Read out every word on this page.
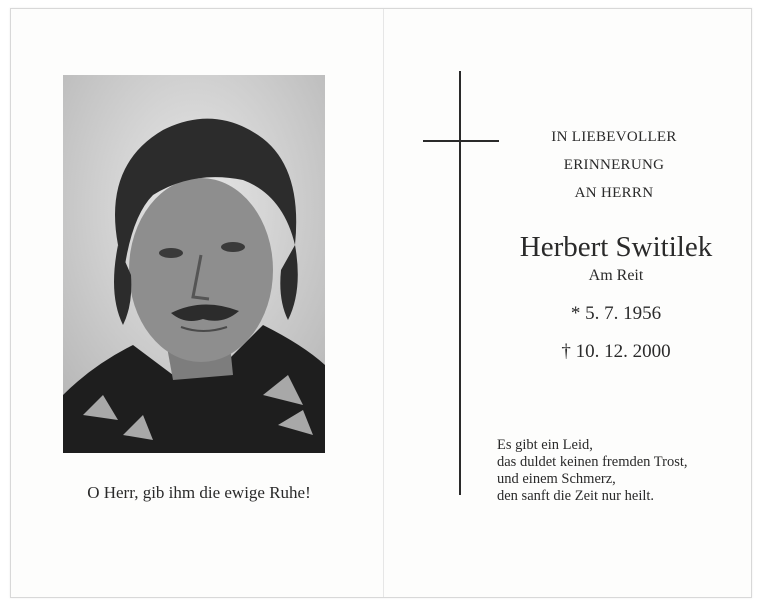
O Herr, gib ihm die ewige Ruhe!
IN LIEBEVOLLER
ERINNERUNG
AN HERRN
Herbert Switilek
Am Reit
* 5. 7. 1956
† 10. 12. 2000
Es gibt ein Leid,
das duldet keinen fremden Trost,
und einem Schmerz,
den sanft die Zeit nur heilt.
